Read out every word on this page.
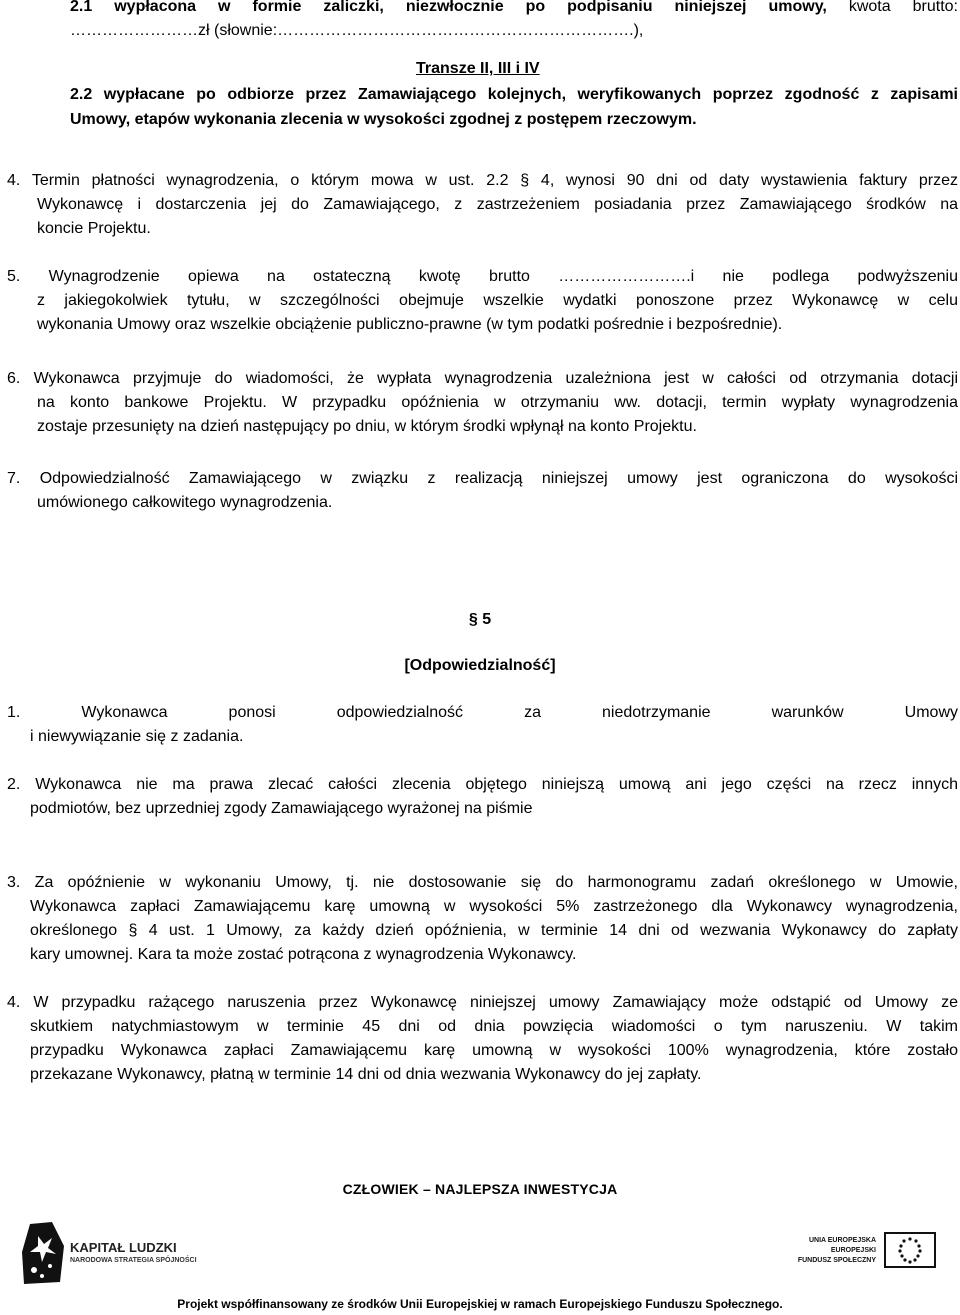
2.1 wypłacona w formie zaliczki, niezwłocznie po podpisaniu niniejszej umowy, kwota brutto:
……………………zł (słownie:………………………………………………………….),
Transze II, III i IV
2.2 wypłacane po odbiorze przez Zamawiającego kolejnych, weryfikowanych poprzez zgodność z zapisami
Umowy, etapów wykonania zlecenia w wysokości zgodnej z postępem rzeczowym.
4. Termin płatności wynagrodzenia, o którym mowa w ust. 2.2 § 4, wynosi 90 dni od daty wystawienia faktury przez
Wykonawcę i dostarczenia jej do Zamawiającego, z zastrzeżeniem posiadania przez Zamawiającego środków na
koncie Projektu.
5. Wynagrodzenie opiewa na ostateczną kwotę brutto …………………….i nie podlega podwyższeniu
z jakiegokolwiek tytułu, w szczególności obejmuje wszelkie wydatki ponoszone przez Wykonawcę w celu
wykonania Umowy oraz wszelkie obciążenie publiczno-prawne (w tym podatki pośrednie i bezpośrednie).
6. Wykonawca przyjmuje do wiadomości, że wypłata wynagrodzenia uzależniona jest w całości od otrzymania dotacji
na konto bankowe Projektu. W przypadku opóźnienia w otrzymaniu ww. dotacji, termin wypłaty wynagrodzenia
zostaje przesunięty na dzień następujący po dniu, w którym środki wpłynął na konto Projektu.
7. Odpowiedzialność Zamawiającego w związku z realizacją niniejszej umowy jest ograniczona do wysokości
umówionego całkowitego wynagrodzenia.
§ 5
[Odpowiedzialność]
1. Wykonawca ponosi odpowiedzialność za niedotrzymanie warunków Umowy
i niewywiązanie się z zadania.
2. Wykonawca nie ma prawa zlecać całości zlecenia objętego niniejszą umową ani jego części na rzecz innych
podmiotów, bez uprzedniej zgody Zamawiającego wyrażonej na piśmie
3. Za opóźnienie w wykonaniu Umowy, tj. nie dostosowanie się do harmonogramu zadań określonego w Umowie,
Wykonawca zapłaci Zamawiającemu karę umowną w wysokości 5% zastrzeżonego dla Wykonawcy wynagrodzenia,
określonego § 4 ust. 1 Umowy, za każdy dzień opóźnienia, w terminie 14 dni od wezwania Wykonawcy do zapłaty
kary umownej. Kara ta może zostać potrącona z wynagrodzenia Wykonawcy.
4. W przypadku rażącego naruszenia przez Wykonawcę niniejszej umowy Zamawiający może odstąpić od Umowy ze
skutkiem natychmiastowym w terminie 45 dni od dnia powzięcia wiadomości o tym naruszeniu. W takim
przypadku Wykonawca zapłaci Zamawiającemu karę umowną w wysokości 100% wynagrodzenia, które zostało
przekazane Wykonawcy, płatną w terminie 14 dni od dnia wezwania Wykonawcy do jej zapłaty.
CZŁOWIEK – NAJLEPSZA INWESTYCJA
KAPITAŁ LUDZKI
NARODOWA STRATEGIA SPÓJNOŚCI
UNIA EUROPEJSKA
EUROPEJSKI
FUNDUSZ SPOŁECZNY
Projekt współfinansowany ze środków Unii Europejskiej w ramach Europejskiego Funduszu Społecznego.
